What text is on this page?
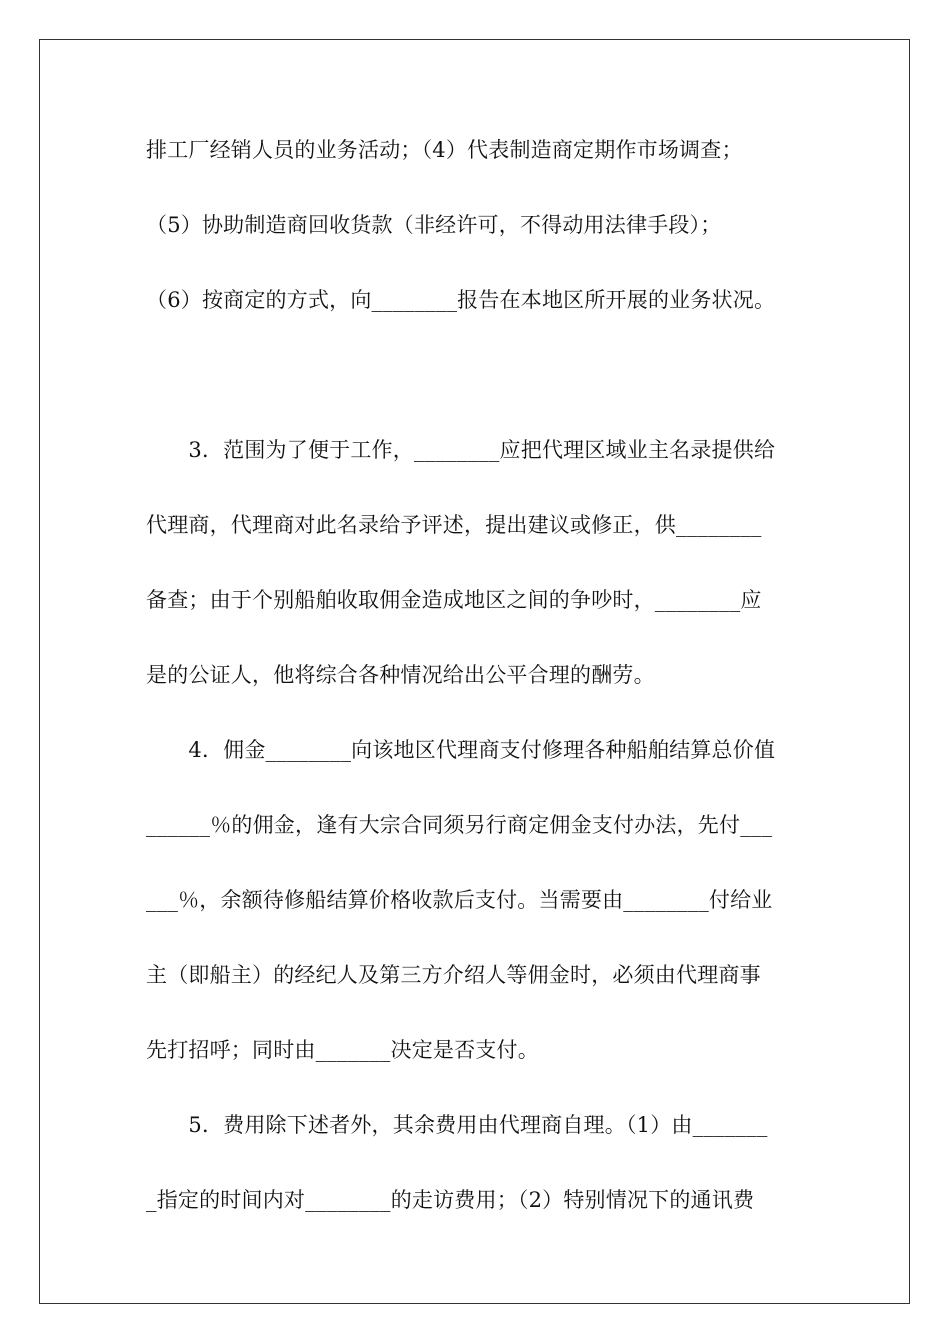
排工厂经销人员的业务活动；（4）代表制造商定期作市场调查；
（5）协助制造商回收货款（非经许可，不得动用法律手段）；
（6）按商定的方式，向________报告在本地区所开展的业务状况。
　　3．范围为了便于工作，________应把代理区域业主名录提供给
代理商，代理商对此名录给予评述，提出建议或修正，供________
备查；由于个别船舶收取佣金造成地区之间的争吵时，________应
是的公证人，他将综合各种情况给出公平合理的酬劳。
　　4．佣金________向该地区代理商支付修理各种船舶结算总价值
______％的佣金，逢有大宗合同须另行商定佣金支付办法，先付___
___％，余额待修船结算价格收款后支付。当需要由________付给业
主（即船主）的经纪人及第三方介绍人等佣金时，必须由代理商事
先打招呼；同时由_______决定是否支付。
　　5．费用除下述者外，其余费用由代理商自理。（1）由_______
_指定的时间内对________的走访费用；（2）特别情况下的通讯费
